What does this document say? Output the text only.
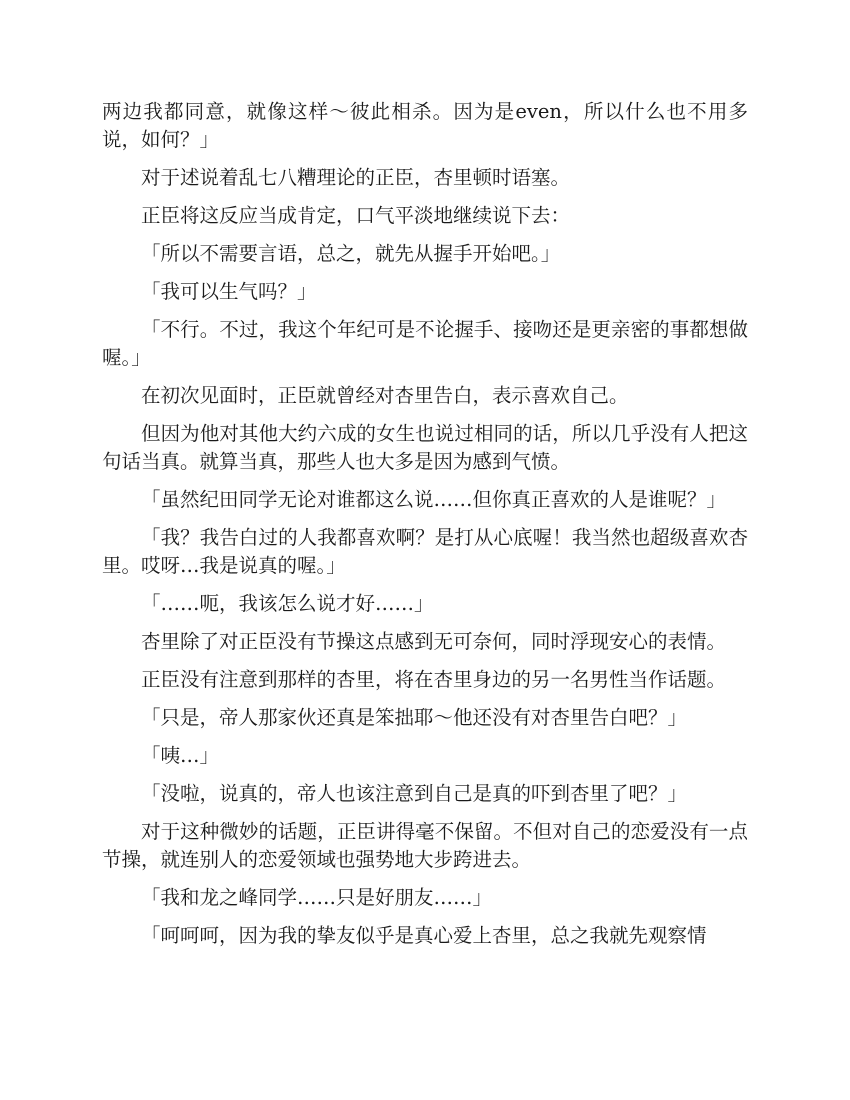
两边我都同意，就像这样～彼此相杀。因为是even，所以什么也不用多说，如何？」

对于述说着乱七八糟理论的正臣，杏里顿时语塞。

正臣将这反应当成肯定，口气平淡地继续说下去：

「所以不需要言语，总之，就先从握手开始吧。」

「我可以生气吗？」

「不行。不过，我这个年纪可是不论握手、接吻还是更亲密的事都想做喔。」

在初次见面时，正臣就曾经对杏里告白，表示喜欢自己。

但因为他对其他大约六成的女生也说过相同的话，所以几乎没有人把这句话当真。就算当真，那些人也大多是因为感到气愤。

「虽然纪田同学无论对谁都这么说……但你真正喜欢的人是谁呢？」

「我？我告白过的人我都喜欢啊？是打从心底喔！我当然也超级喜欢杏里。哎呀…我是说真的喔。」

「……呃，我该怎么说才好……」

杏里除了对正臣没有节操这点感到无可奈何，同时浮现安心的表情。

正臣没有注意到那样的杏里，将在杏里身边的另一名男性当作话题。

「只是，帝人那家伙还真是笨拙耶～他还没有对杏里告白吧？」

「咦…」

「没啦，说真的，帝人也该注意到自己是真的吓到杏里了吧？」

对于这种微妙的话题，正臣讲得毫不保留。不但对自己的恋爱没有一点节操，就连别人的恋爱领域也强势地大步跨进去。

「我和龙之峰同学……只是好朋友……」

「呵呵呵，因为我的挚友似乎是真心爱上杏里，总之我就先观察情
